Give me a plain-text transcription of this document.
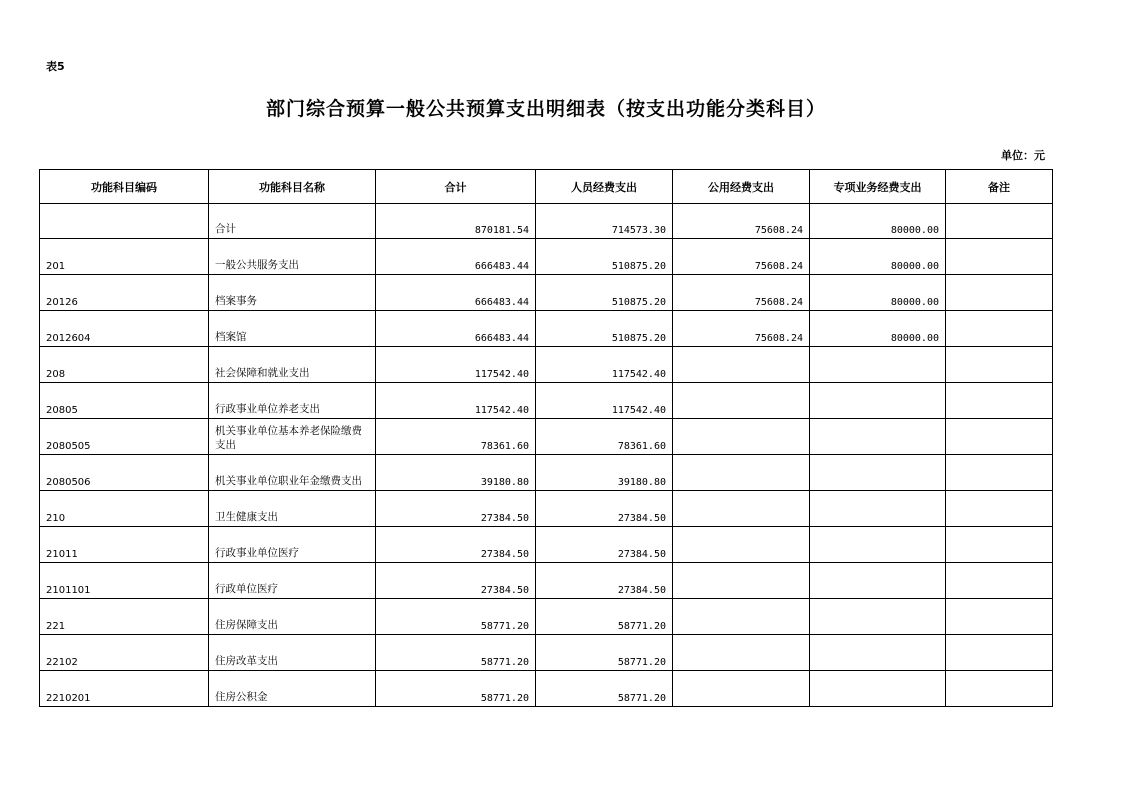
表5
部门综合预算一般公共预算支出明细表（按支出功能分类科目）
单位：元
功能科目编码	功能科目名称	合计	人员经费支出	公用经费支出	专项业务经费支出	备注
	合计	870181.54	714573.30	75608.24	80000.00	
201	一般公共服务支出	666483.44	510875.20	75608.24	80000.00	
20126	档案事务	666483.44	510875.20	75608.24	80000.00	
2012604	档案馆	666483.44	510875.20	75608.24	80000.00	
208	社会保障和就业支出	117542.40	117542.40			
20805	行政事业单位养老支出	117542.40	117542.40			
2080505	机关事业单位基本养老保险缴费支出	78361.60	78361.60			
2080506	机关事业单位职业年金缴费支出	39180.80	39180.80			
210	卫生健康支出	27384.50	27384.50			
21011	行政事业单位医疗	27384.50	27384.50			
2101101	行政单位医疗	27384.50	27384.50			
221	住房保障支出	58771.20	58771.20			
22102	住房改革支出	58771.20	58771.20			
2210201	住房公积金	58771.20	58771.20			
